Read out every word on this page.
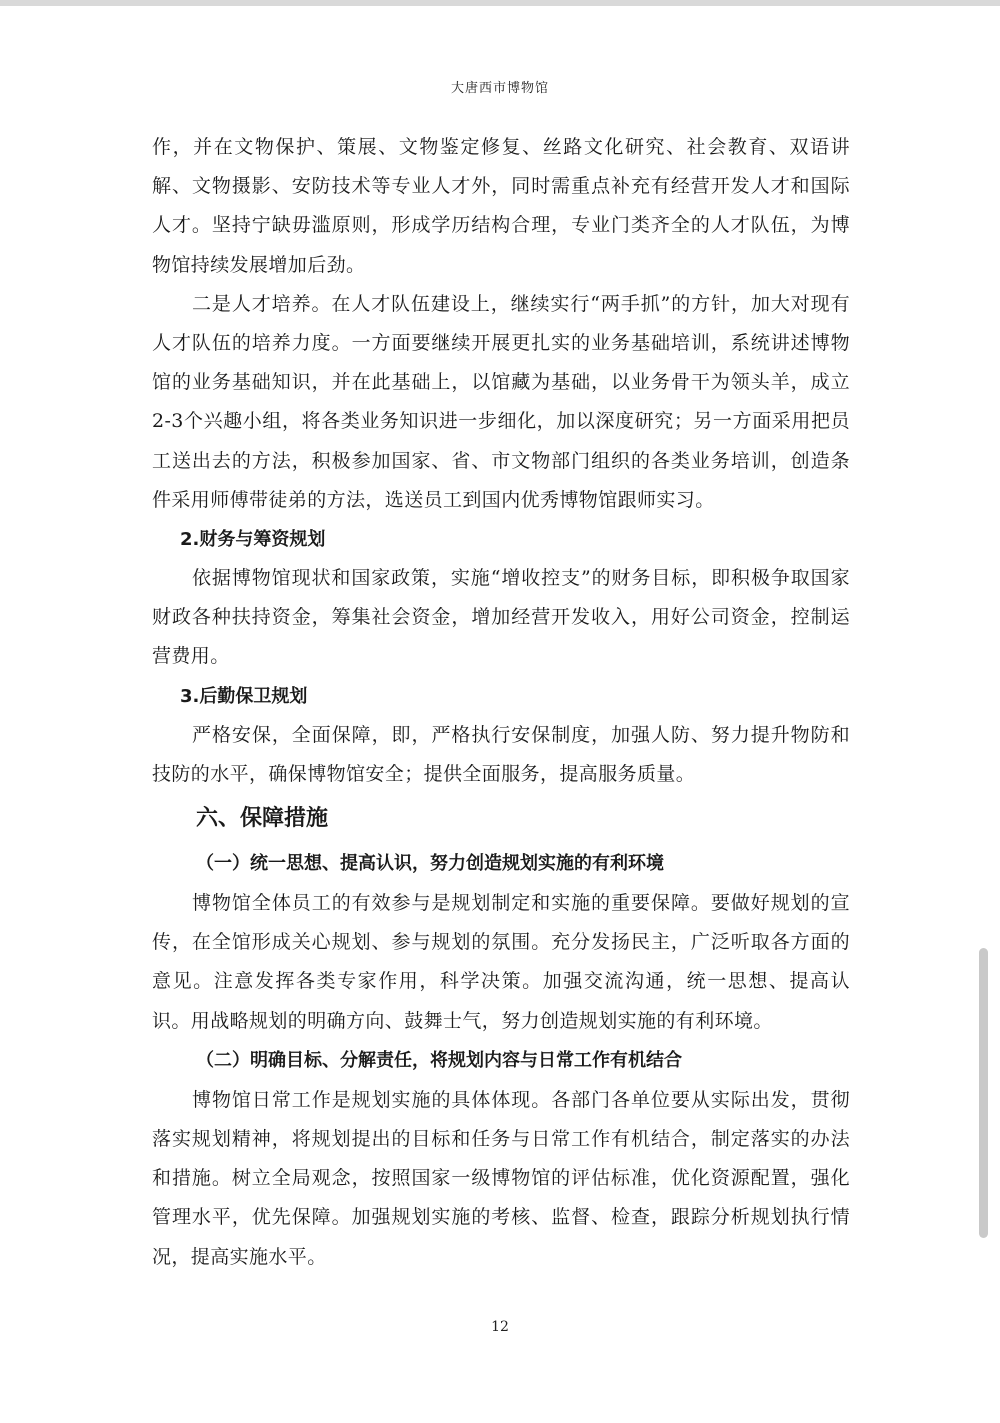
大唐西市博物馆

作，并在文物保护、策展、文物鉴定修复、丝路文化研究、社会教育、双语讲解、文物摄影、安防技术等专业人才外，同时需重点补充有经营开发人才和国际人才。坚持宁缺毋滥原则，形成学历结构合理，专业门类齐全的人才队伍，为博物馆持续发展增加后劲。

二是人才培养。在人才队伍建设上，继续实行“两手抓”的方针，加大对现有人才队伍的培养力度。一方面要继续开展更扎实的业务基础培训，系统讲述博物馆的业务基础知识，并在此基础上，以馆藏为基础，以业务骨干为领头羊，成立2-3个兴趣小组，将各类业务知识进一步细化，加以深度研究；另一方面采用把员工送出去的方法，积极参加国家、省、市文物部门组织的各类业务培训，创造条件采用师傅带徒弟的方法，选送员工到国内优秀博物馆跟师实习。

2.财务与筹资规划

依据博物馆现状和国家政策，实施“增收控支”的财务目标，即积极争取国家财政各种扶持资金，筹集社会资金，增加经营开发收入，用好公司资金，控制运营费用。

3.后勤保卫规划

严格安保，全面保障，即，严格执行安保制度，加强人防、努力提升物防和技防的水平，确保博物馆安全；提供全面服务，提高服务质量。

六、保障措施

（一）统一思想、提高认识，努力创造规划实施的有利环境

博物馆全体员工的有效参与是规划制定和实施的重要保障。要做好规划的宣传，在全馆形成关心规划、参与规划的氛围。充分发扬民主，广泛听取各方面的意见。注意发挥各类专家作用，科学决策。加强交流沟通，统一思想、提高认识。用战略规划的明确方向、鼓舞士气，努力创造规划实施的有利环境。

（二）明确目标、分解责任，将规划内容与日常工作有机结合

博物馆日常工作是规划实施的具体体现。各部门各单位要从实际出发，贯彻落实规划精神，将规划提出的目标和任务与日常工作有机结合，制定落实的办法和措施。树立全局观念，按照国家一级博物馆的评估标准，优化资源配置，强化管理水平，优先保障。加强规划实施的考核、监督、检查，跟踪分析规划执行情况，提高实施水平。

12
